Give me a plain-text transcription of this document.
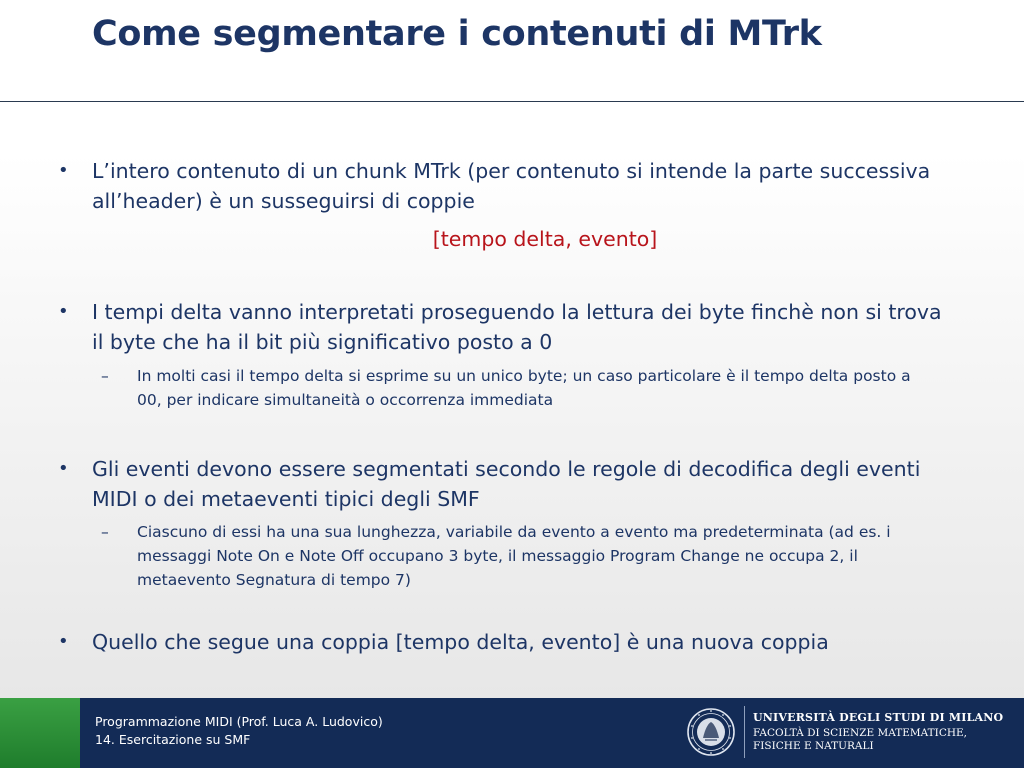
Come segmentare i contenuti di MTrk
• L’intero contenuto di un chunk MTrk (per contenuto si intende la parte successiva all’header) è un susseguirsi di coppie
[tempo delta, evento]
• I tempi delta vanno interpretati proseguendo la lettura dei byte finchè non si trova il byte che ha il bit più significativo posto a 0
– In molti casi il tempo delta si esprime su un unico byte; un caso particolare è il tempo delta posto a 00, per indicare simultaneità o occorrenza immediata
• Gli eventi devono essere segmentati secondo le regole di decodifica degli eventi MIDI o dei metaeventi tipici degli SMF
– Ciascuno di essi ha una sua lunghezza, variabile da evento a evento ma predeterminata (ad es. i messaggi Note On e Note Off occupano 3 byte, il messaggio Program Change ne occupa 2, il metaevento Segnatura di tempo 7)
• Quello che segue una coppia [tempo delta, evento] è una nuova coppia
Programmazione MIDI (Prof. Luca A. Ludovico)
14. Esercitazione su SMF
UNIVERSITÀ DEGLI STUDI DI MILANO
FACOLTÀ DI SCIENZE MATEMATICHE,
FISICHE E NATURALI
